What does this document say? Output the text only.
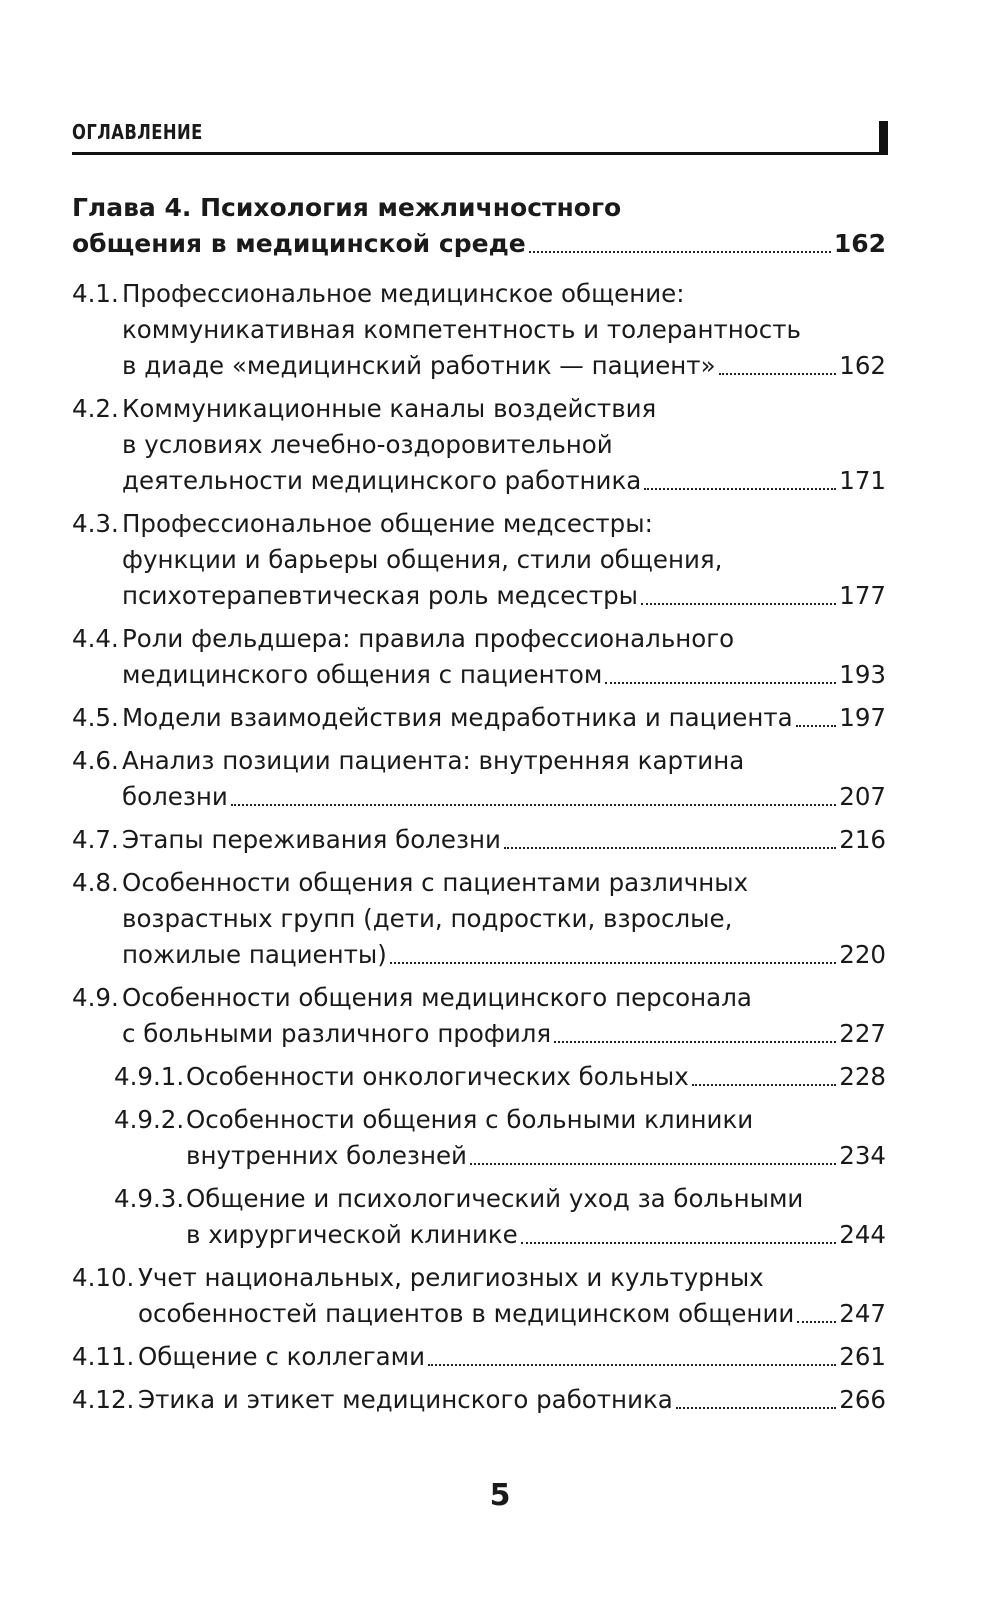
ОГЛАВЛЕНИЕ
Глава 4. Психология межличностного
общения в медицинской среде	162
4.1. Профессиональное медицинское общение:
коммуникативная компетентность и толерантность
в диаде «медицинский работник — пациент»	162
4.2. Коммуникационные каналы воздействия
в условиях лечебно-оздоровительной
деятельности медицинского работника	171
4.3. Профессиональное общение медсестры:
функции и барьеры общения, стили общения,
психотерапевтическая роль медсестры	177
4.4. Роли фельдшера: правила профессионального
медицинского общения с пациентом	193
4.5. Модели взаимодействия медработника и пациента 197
4.6. Анализ позиции пациента: внутренняя картина
болезни	207
4.7. Этапы переживания болезни	216
4.8. Особенности общения с пациентами различных
возрастных групп (дети, подростки, взрослые,
пожилые пациенты)	220
4.9. Особенности общения медицинского персонала
с больными различного профиля	227
4.9.1. Особенности онкологических больных	228
4.9.2. Особенности общения с больными клиники
внутренних болезней	234
4.9.3. Общение и психологический уход за больными
в хирургической клинике	244
4.10. Учет национальных, религиозных и культурных
особенностей пациентов в медицинском общении 247
4.11. Общение с коллегами	261
4.12. Этика и этикет медицинского работника	266
5
